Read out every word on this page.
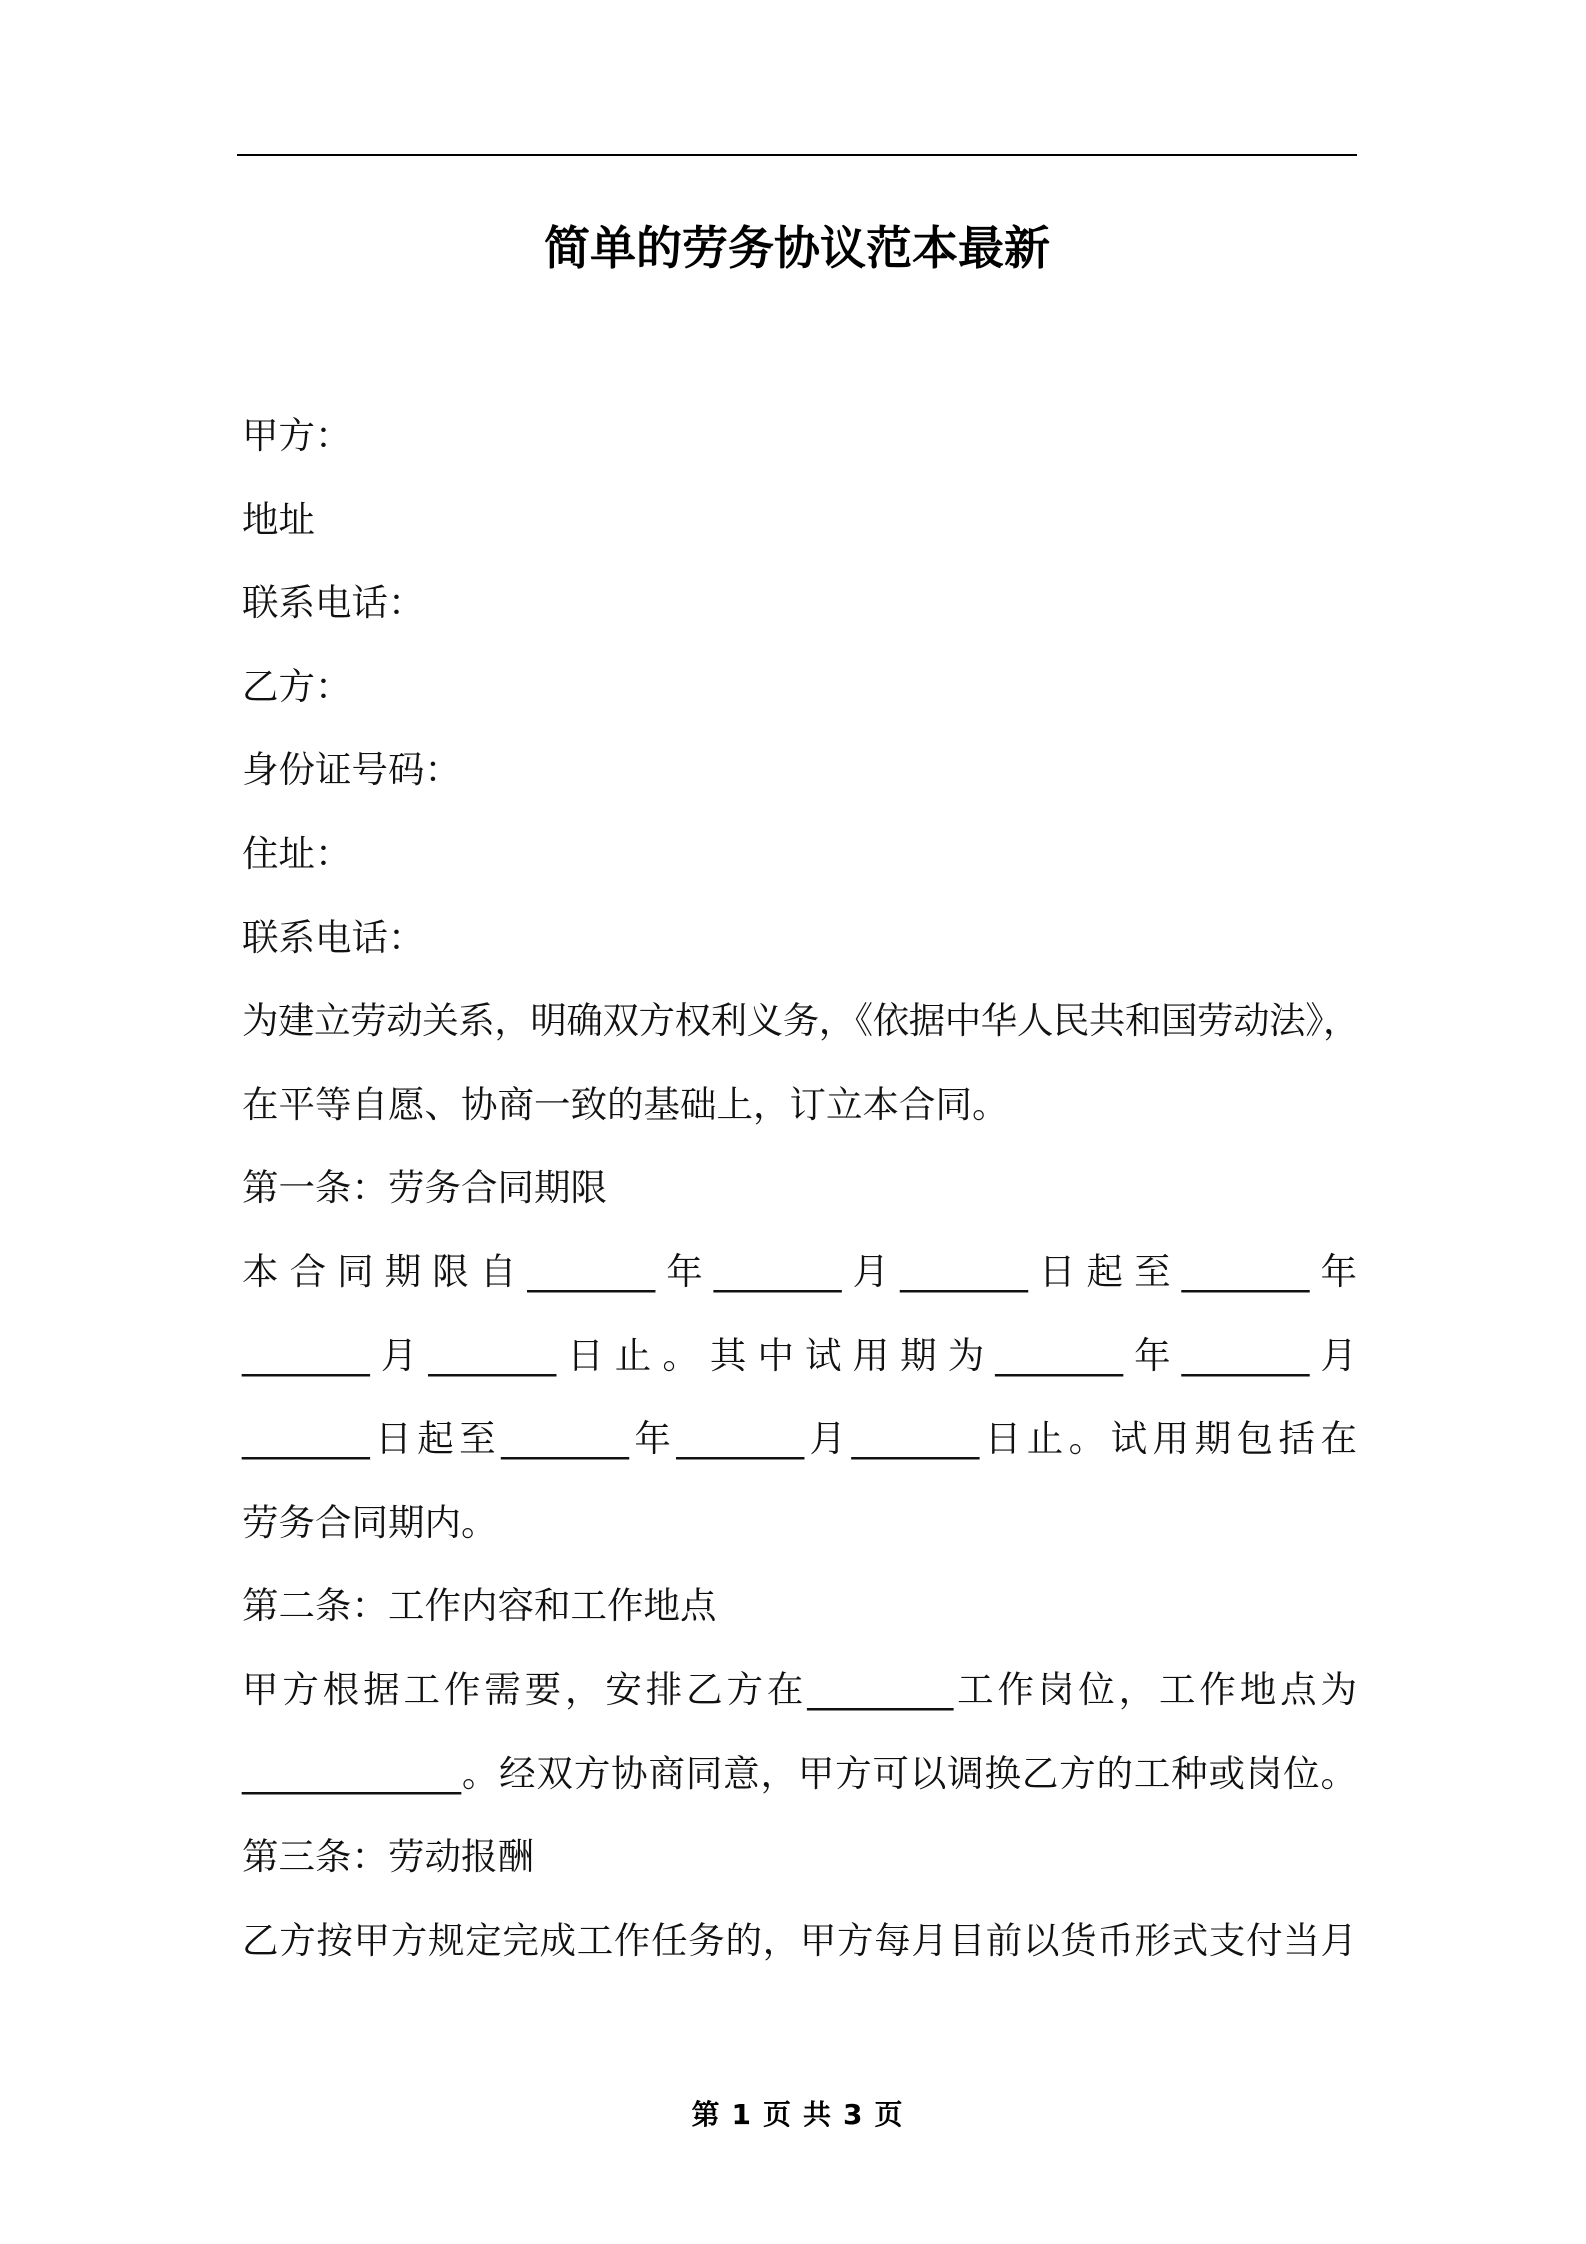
简单的劳务协议范本最新
甲方：
地址
联系电话：
乙方：
身份证号码：
住址：
联系电话：
为建立劳动关系，明确双方权利义务，《依据中华人民共和国劳动法》，
在平等自愿、协商一致的基础上，订立本合同。
第一条：劳务合同期限
本合同期限自_______年_______月_______日起至_______年
_______月_______日止。其中试用期为_______年_______月
_______日起至_______年_______月_______日止。试用期包括在
劳务合同期内。
第二条：工作内容和工作地点
甲方根据工作需要，安排乙方在________工作岗位，工作地点为
____________。经双方协商同意，甲方可以调换乙方的工种或岗位。
第三条：劳动报酬
乙方按甲方规定完成工作任务的，甲方每月目前以货币形式支付当月
第 1 页 共 3 页
